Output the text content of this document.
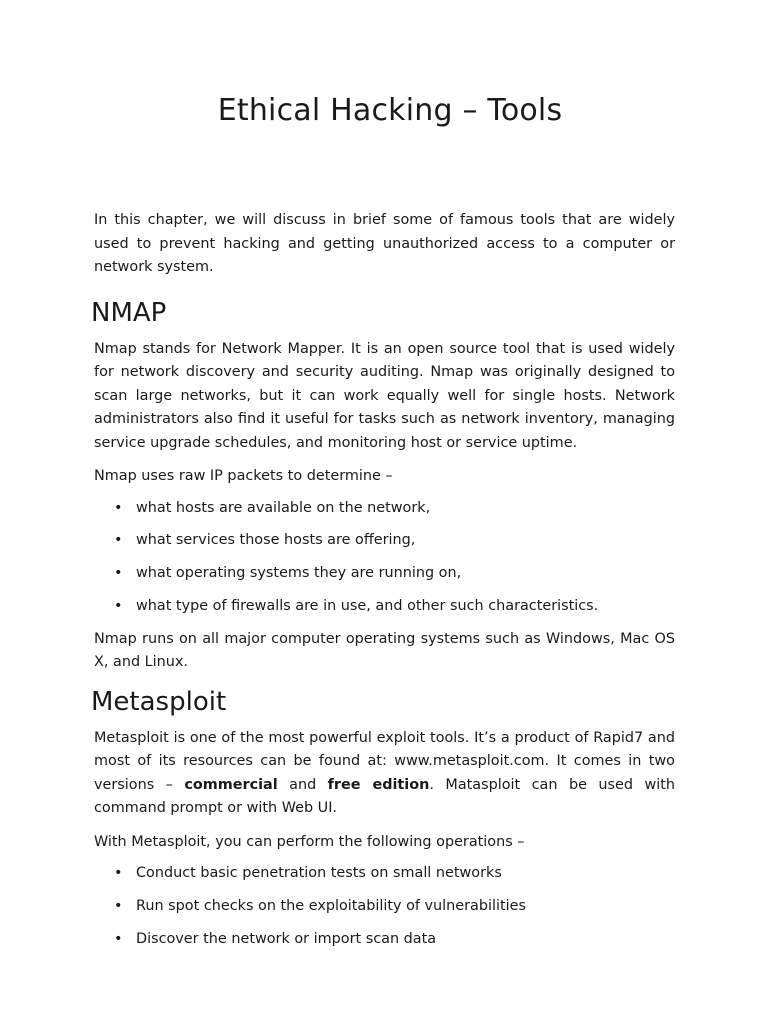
Ethical Hacking – Tools

In this chapter, we will discuss in brief some of famous tools that are widely used to prevent hacking and getting unauthorized access to a computer or network system.

NMAP

Nmap stands for Network Mapper. It is an open source tool that is used widely for network discovery and security auditing. Nmap was originally designed to scan large networks, but it can work equally well for single hosts. Network administrators also find it useful for tasks such as network inventory, managing service upgrade schedules, and monitoring host or service uptime.

Nmap uses raw IP packets to determine –

• what hosts are available on the network,
• what services those hosts are offering,
• what operating systems they are running on,
• what type of firewalls are in use, and other such characteristics.

Nmap runs on all major computer operating systems such as Windows, Mac OS X, and Linux.

Metasploit

Metasploit is one of the most powerful exploit tools. It’s a product of Rapid7 and most of its resources can be found at: www.metasploit.com. It comes in two versions – commercial and free edition. Matasploit can be used with command prompt or with Web UI.

With Metasploit, you can perform the following operations –

• Conduct basic penetration tests on small networks
• Run spot checks on the exploitability of vulnerabilities
• Discover the network or import scan data
